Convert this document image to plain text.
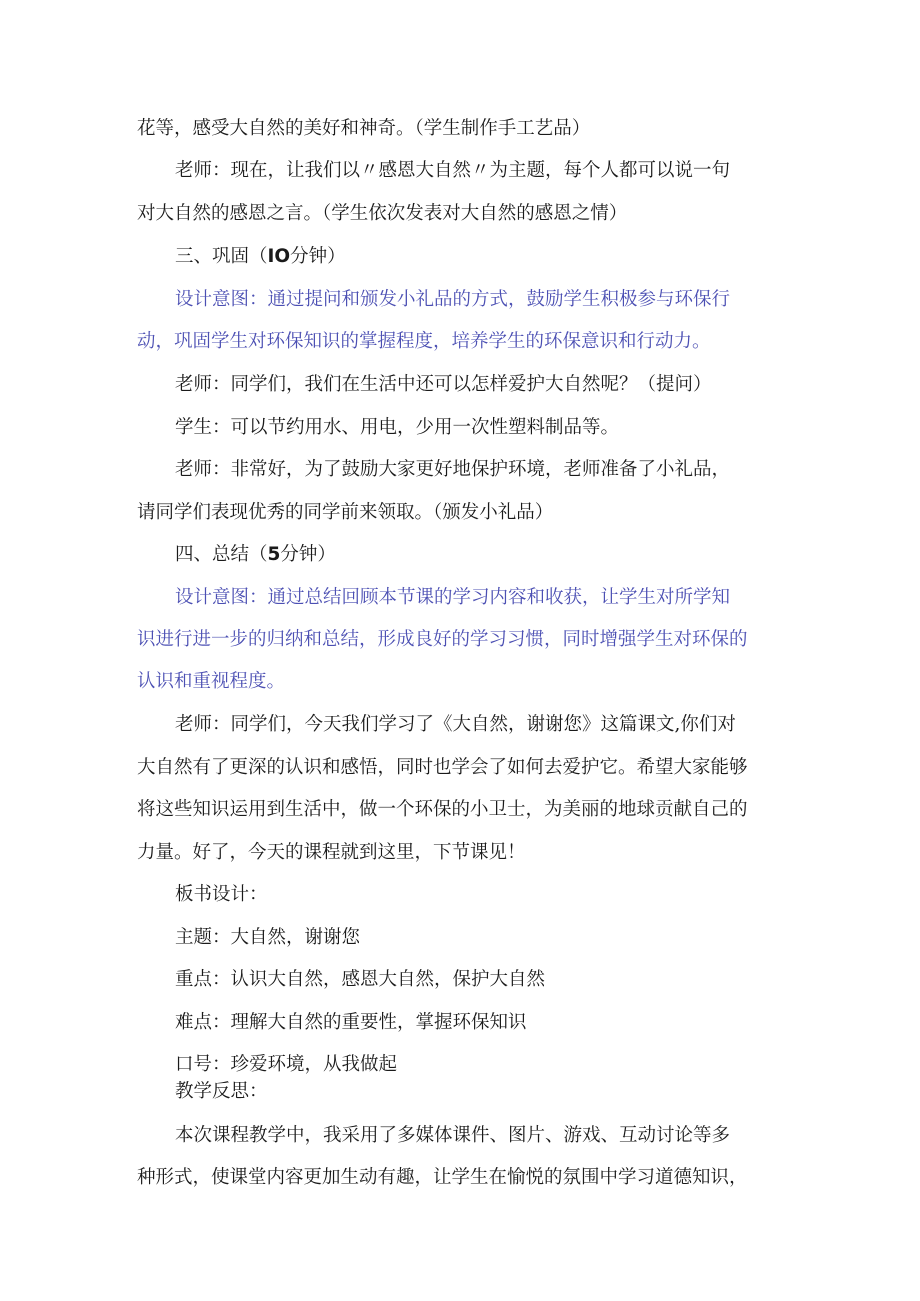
花等，感受大自然的美好和神奇。（学生制作手工艺品）
老师：现在，让我们以〃感恩大自然〃为主题，每个人都可以说一句
对大自然的感恩之言。（学生依次发表对大自然的感恩之情）
三、巩固（IO分钟）
设计意图：通过提问和颁发小礼品的方式，鼓励学生积极参与环保行
动，巩固学生对环保知识的掌握程度，培养学生的环保意识和行动力。
老师：同学们，我们在生活中还可以怎样爱护大自然呢？（提问）
学生：可以节约用水、用电，少用一次性塑料制品等。
老师：非常好，为了鼓励大家更好地保护环境，老师准备了小礼品，
请同学们表现优秀的同学前来领取。（颁发小礼品）
四、总结（5分钟）
设计意图：通过总结回顾本节课的学习内容和收获，让学生对所学知
识进行进一步的归纳和总结，形成良好的学习习惯，同时增强学生对环保的
认识和重视程度。
老师：同学们，今天我们学习了《大自然，谢谢您》这篇课文,你们对
大自然有了更深的认识和感悟，同时也学会了如何去爱护它。希望大家能够
将这些知识运用到生活中，做一个环保的小卫士，为美丽的地球贡献自己的
力量。好了，今天的课程就到这里，下节课见！
板书设计：
主题：大自然，谢谢您
重点：认识大自然，感恩大自然，保护大自然
难点：理解大自然的重要性，掌握环保知识
口号：珍爱环境，从我做起
教学反思：
本次课程教学中，我采用了多媒体课件、图片、游戏、互动讨论等多
种形式，使课堂内容更加生动有趣，让学生在愉悦的氛围中学习道德知识，
